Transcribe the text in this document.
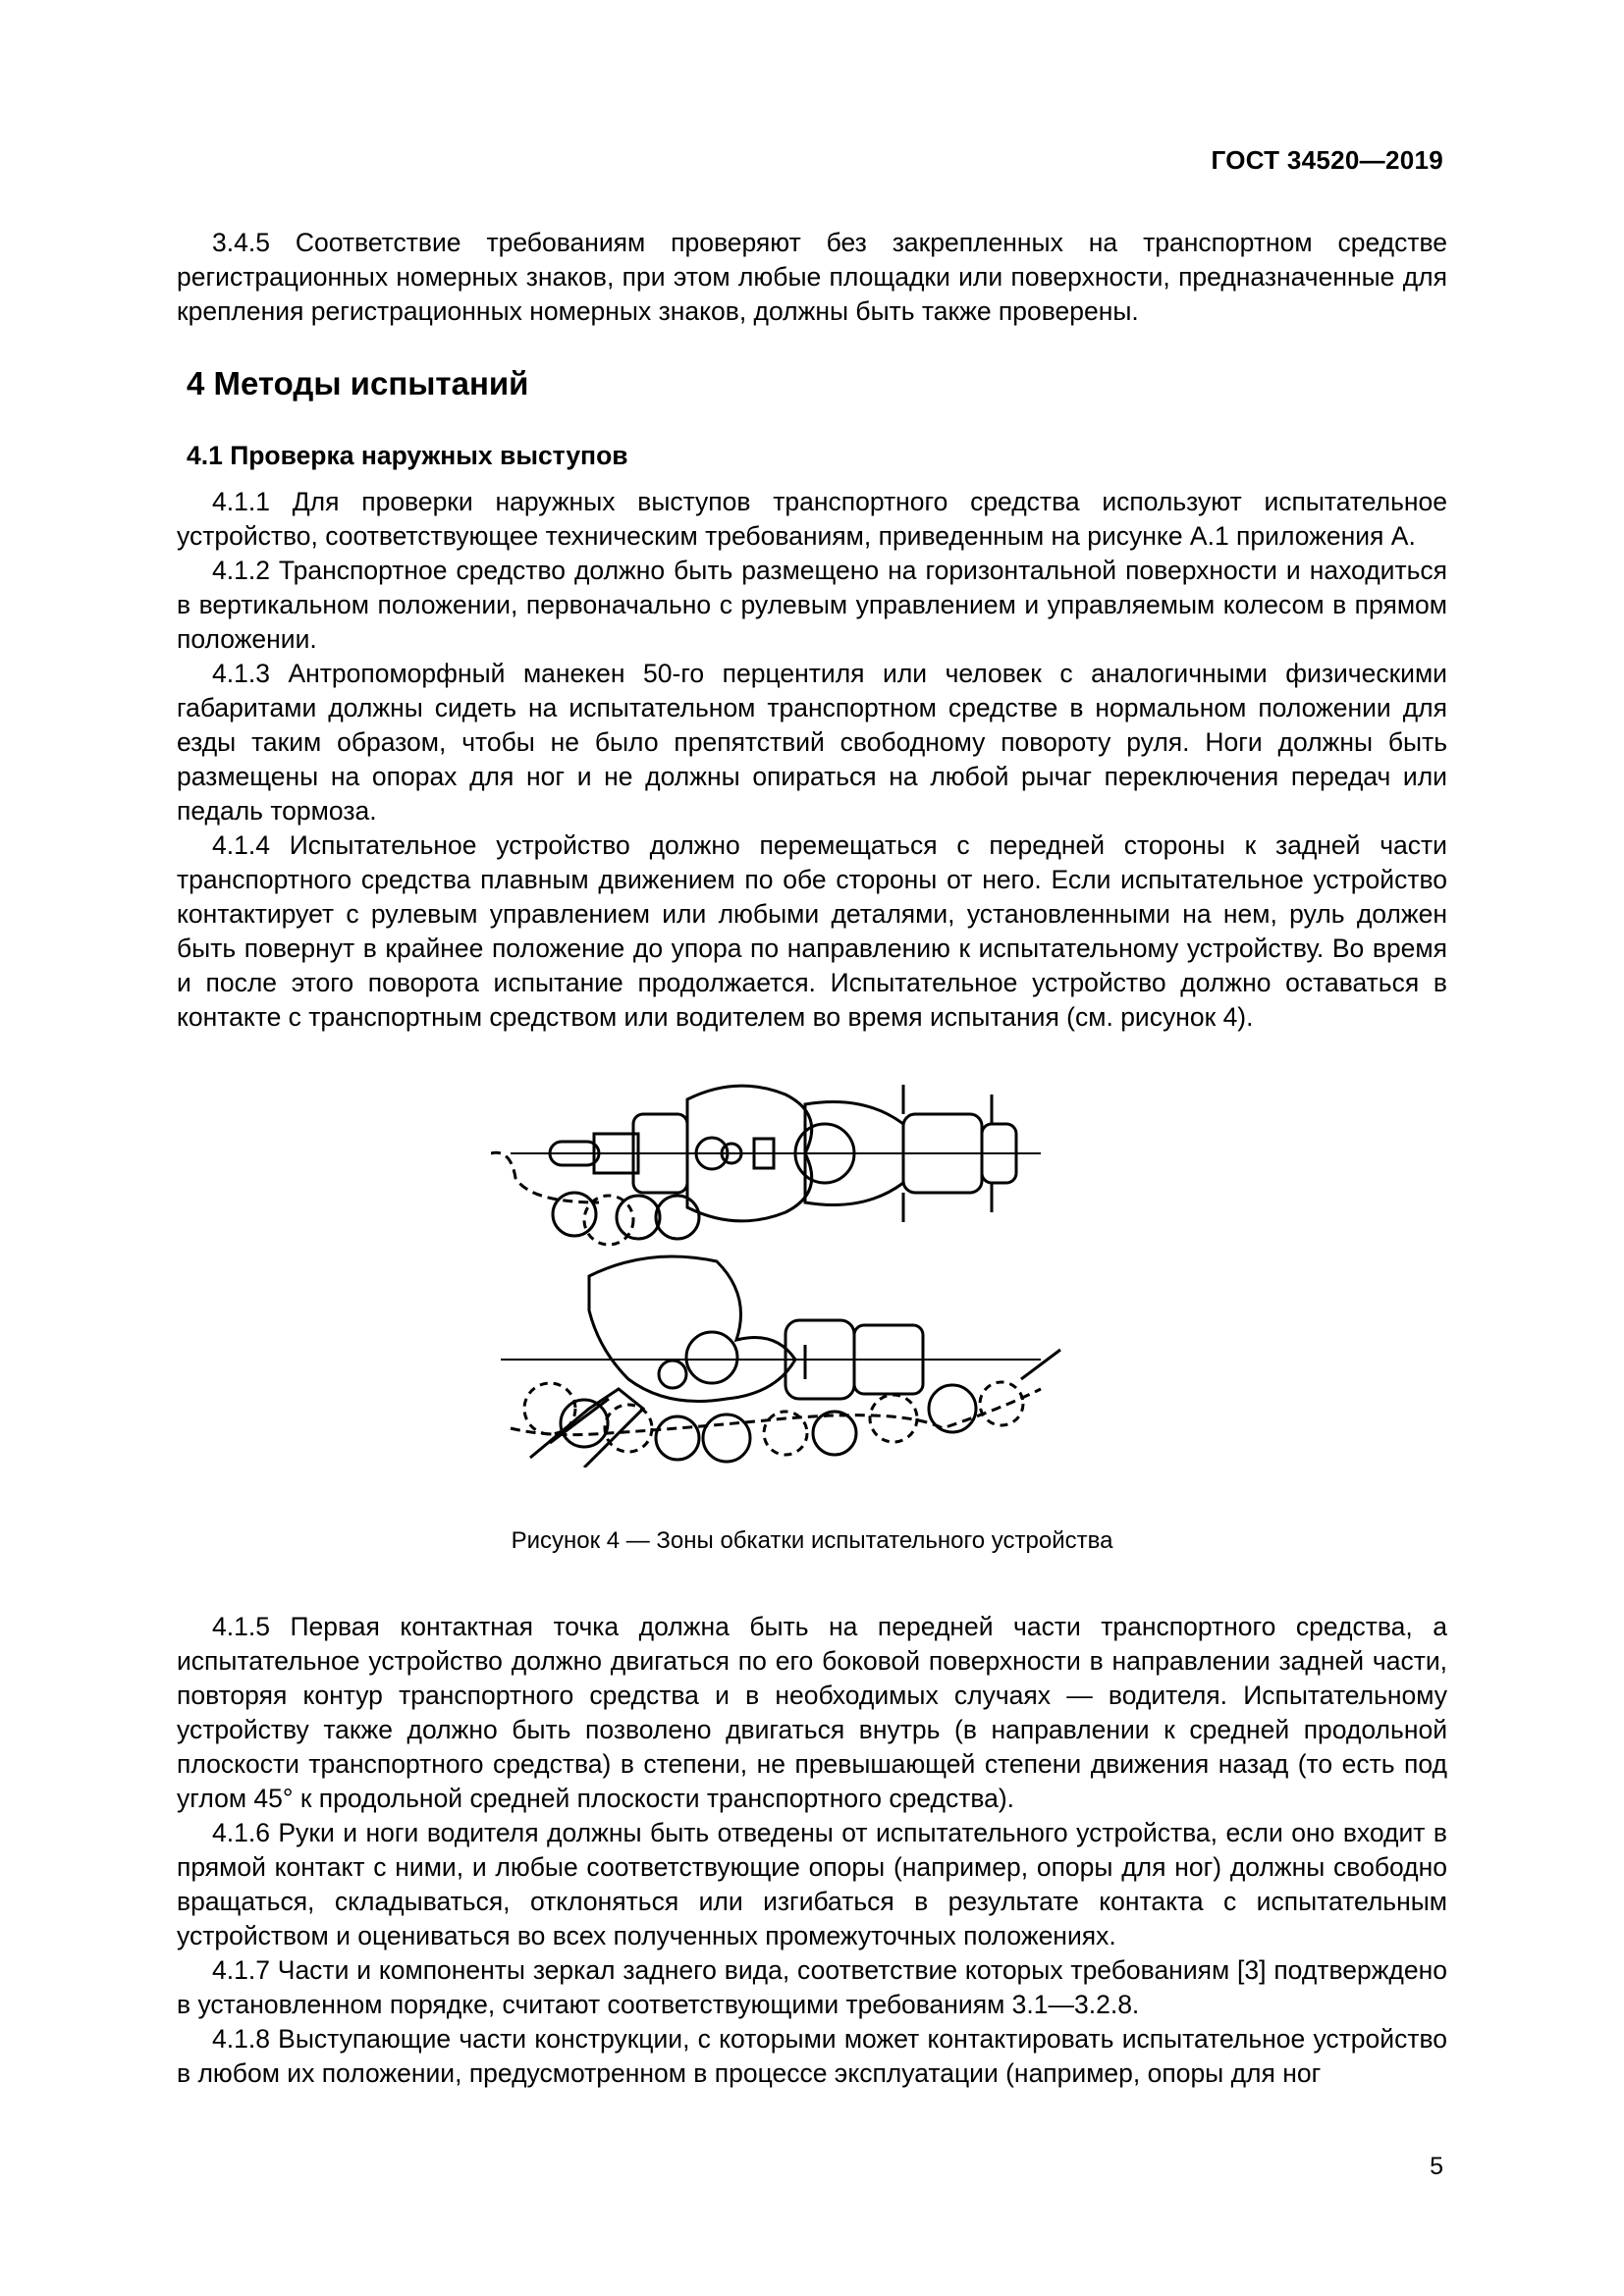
ГОСТ 34520—2019

3.4.5 Соответствие требованиям проверяют без закрепленных на транспортном средстве регистрационных номерных знаков, при этом любые площадки или поверхности, предназначенные для крепления регистрационных номерных знаков, должны быть также проверены.

4 Методы испытаний

4.1 Проверка наружных выступов

4.1.1 Для проверки наружных выступов транспортного средства используют испытательное устройство, соответствующее техническим требованиям, приведенным на рисунке А.1 приложения А.

4.1.2 Транспортное средство должно быть размещено на горизонтальной поверхности и находиться в вертикальном положении, первоначально с рулевым управлением и управляемым колесом в прямом положении.

4.1.3 Антропоморфный манекен 50-го перцентиля или человек с аналогичными физическими габаритами должны сидеть на испытательном транспортном средстве в нормальном положении для езды таким образом, чтобы не было препятствий свободному повороту руля. Ноги должны быть размещены на опорах для ног и не должны опираться на любой рычаг переключения передач или педаль тормоза.

4.1.4 Испытательное устройство должно перемещаться с передней стороны к задней части транспортного средства плавным движением по обе стороны от него. Если испытательное устройство контактирует с рулевым управлением или любыми деталями, установленными на нем, руль должен быть повернут в крайнее положение до упора по направлению к испытательному устройству. Во время и после этого поворота испытание продолжается. Испытательное устройство должно оставаться в контакте с транспортным средством или водителем во время испытания (см. рисунок 4).

Рисунок 4 — Зоны обкатки испытательного устройства

4.1.5 Первая контактная точка должна быть на передней части транспортного средства, а испытательное устройство должно двигаться по его боковой поверхности в направлении задней части, повторяя контур транспортного средства и в необходимых случаях — водителя. Испытательному устройству также должно быть позволено двигаться внутрь (в направлении к средней продольной плоскости транспортного средства) в степени, не превышающей степени движения назад (то есть под углом 45° к продольной средней плоскости транспортного средства).

4.1.6 Руки и ноги водителя должны быть отведены от испытательного устройства, если оно входит в прямой контакт с ними, и любые соответствующие опоры (например, опоры для ног) должны свободно вращаться, складываться, отклоняться или изгибаться в результате контакта с испытательным устройством и оцениваться во всех полученных промежуточных положениях.

4.1.7 Части и компоненты зеркал заднего вида, соответствие которых требованиям [3] подтверждено в установленном порядке, считают соответствующими требованиям 3.1—3.2.8.

4.1.8 Выступающие части конструкции, с которыми может контактировать испытательное устройство в любом их положении, предусмотренном в процессе эксплуатации (например, опоры для ног

5
